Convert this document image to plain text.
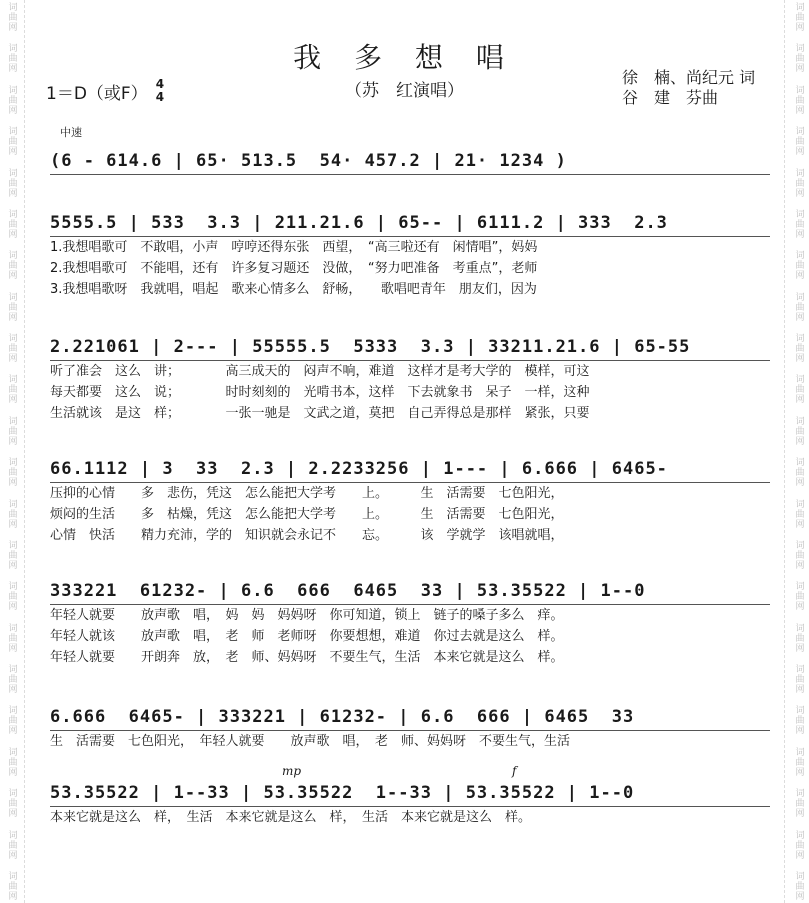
词曲网
词曲网
词曲网
词曲网
词曲网
词曲网
词曲网
词曲网
词曲网
词曲网
词曲网
词曲网
词曲网
词曲网
词曲网
词曲网
词曲网
词曲网
词曲网
词曲网
词曲网
词曲网
词曲网
词曲网
词曲网
词曲网
词曲网
词曲网
词曲网
词曲网
词曲网
词曲网
词曲网
词曲网
词曲网
词曲网
词曲网
词曲网
词曲网
词曲网
词曲网
词曲网
词曲网
词曲网
我 多 想 唱
（苏　红演唱）
1＝D（或F） 4
4
徐　楠、尚纪元 词
谷　建　芬曲
中速
(6 - 614.6 | 65· 513.5  54· 457.2 | 21· 1234 )
5555.5 | 533  3.3 | 211.21.6 | 65-- | 6111.2 | 333  2.3
1.我想唱歌可　不敢唱，小声　哼哼还得东张　西望，　“高三啦还有　闲情唱”，妈妈
2.我想唱歌可　不能唱，还有　许多复习题还　没做，　“努力吧准备　考重点”，老师
3.我想唱歌呀　我就唱，唱起　歌来心情多么　舒畅，　　歌唱吧青年　朋友们，因为
2.221061 | 2--- | 55555.5  5333  3.3 | 33211.21.6 | 65-55
听了准会　这么　讲；　　　　高三成天的　闷声不响，难道　这样才是考大学的　模样，可这
每天都要　这么　说；　　　　时时刻刻的　光啃书本，这样　下去就象书　呆子　一样，这种
生活就该　是这　样；　　　　一张一驰是　文武之道，莫把　自己弄得总是那样　紧张，只要
66.1112 | 3  33  2.3 | 2.2233256 | 1--- | 6.666 | 6465-
压抑的心情　　多　悲伤，凭这　怎么能把大学考　　上。　　　生　活需要　七色阳光，
烦闷的生活　　多　枯燥，凭这　怎么能把大学考　　上。　　　生　活需要　七色阳光，
心情　快活　　精力充沛，学的　知识就会永记不　　忘。　　　该　学就学　该唱就唱，
333221  61232- | 6.6  666  6465  33 | 53.35522 | 1--0
年轻人就要　　放声歌　唱，　妈　妈　妈妈呀　你可知道，锁上　链子的嗓子多么　痒。
年轻人就该　　放声歌　唱，　老　师　老师呀　你要想想，难道　你过去就是这么　样。
年轻人就要　　开朗奔　放，　老　师、妈妈呀　不要生气，生活　本来它就是这么　样。
6.666  6465- | 333221 | 61232- | 6.6  666 | 6465  33
生　活需要　七色阳光，　年轻人就要　　放声歌　唱，　老　师、妈妈呀　不要生气，生活
mp	f
53.35522 | 1--33 | 53.35522  1--33 | 53.35522 | 1--0
本来它就是这么　样，　生活　本来它就是这么　样，　生活　本来它就是这么　样。
